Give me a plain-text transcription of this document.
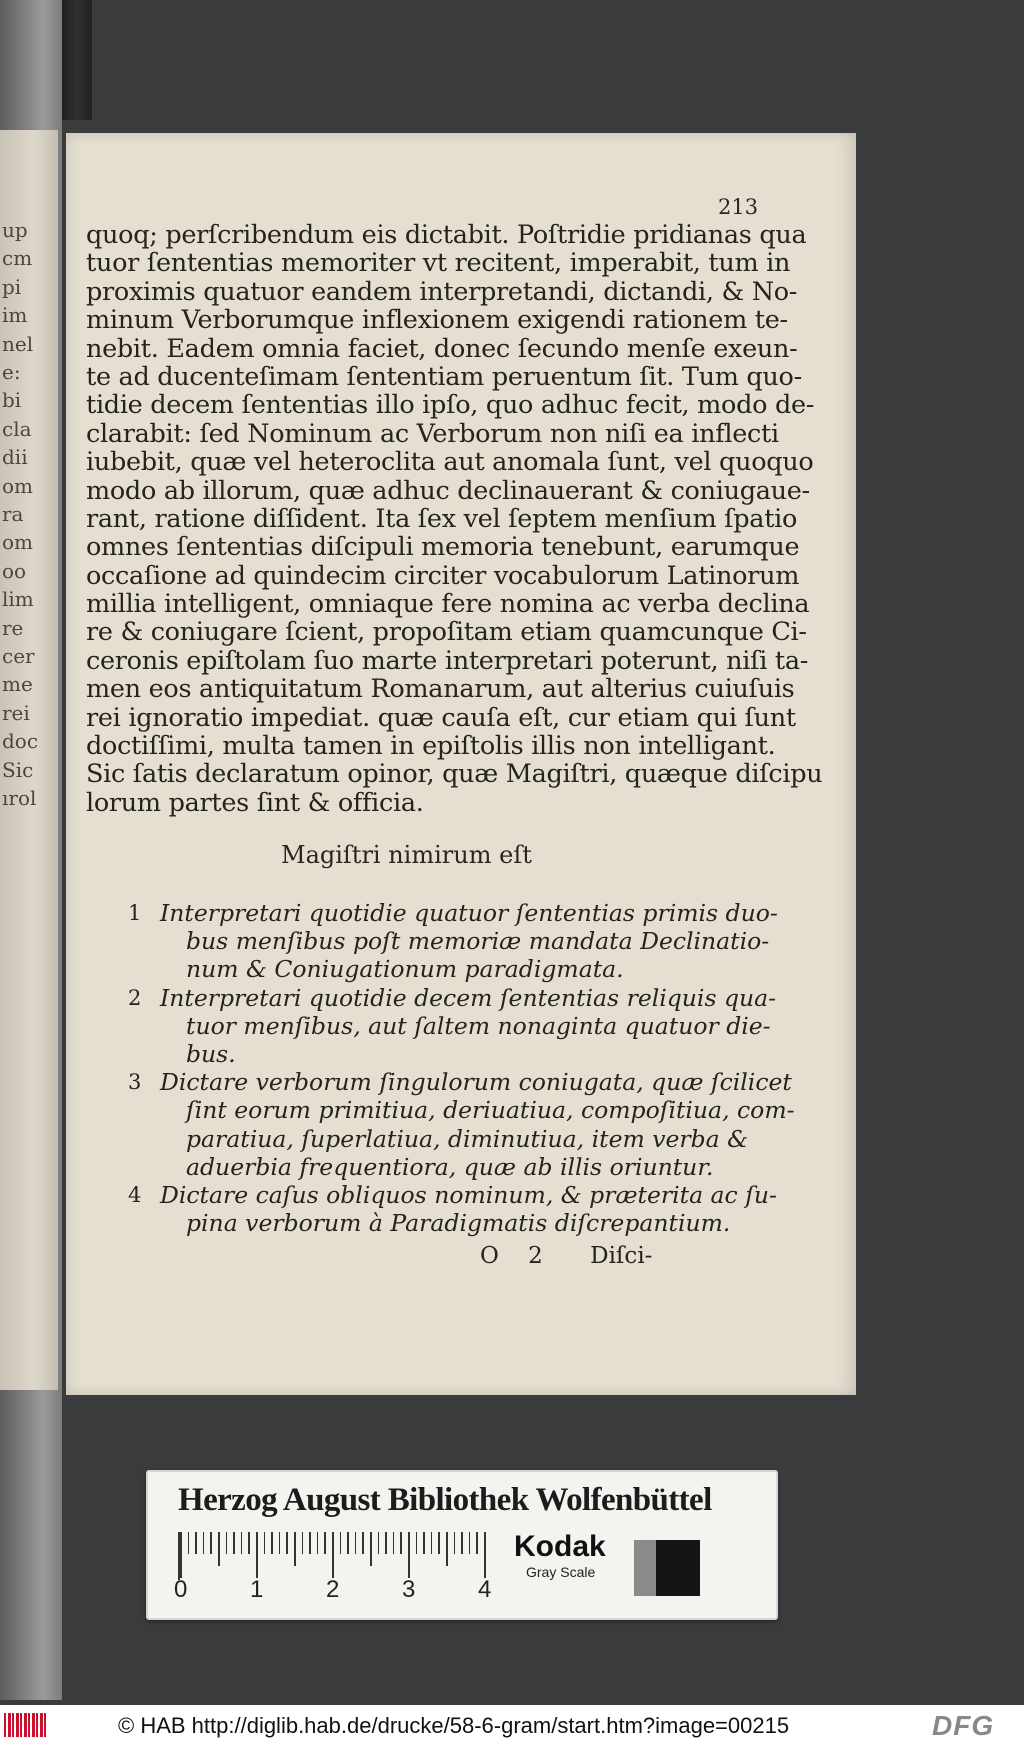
up
cm
pi
im
nel
e:
bi
cla
dii
om
ra
om
oo
lim
re
cer
me
rei
doc
Sic
ırol
213
quoq; perſcribendum eis dictabit. Poſtridie pridianas qua
tuor ſententias memoriter vt recitent, imperabit, tum in
proximis quatuor eandem interpretandi, dictandi, & No-
minum Verborumque inflexionem exigendi rationem te-
nebit. Eadem omnia faciet, donec ſecundo menſe exeun-
te ad ducenteſimam ſententiam peruentum ſit. Tum quo-
tidie decem ſententias illo ipſo, quo adhuc fecit, modo de-
clarabit: ſed Nominum ac Verborum non niſi ea inflecti
iubebit, quæ vel heteroclita aut anomala ſunt, vel quoquo
modo ab illorum, quæ adhuc declinauerant & coniugaue-
rant, ratione diſſident. Ita ſex vel ſeptem menſium ſpatio
omnes ſententias diſcipuli memoria tenebunt, earumque
occaſione ad quindecim circiter vocabulorum Latinorum
millia intelligent, omniaque fere nomina ac verba declina
re & coniugare ſcient, propoſitam etiam quamcunque Ci-
ceronis epiſtolam ſuo marte interpretari poterunt, niſi ta-
men eos antiquitatum Romanarum, aut alterius cuiuſuis
rei ignoratio impediat. quæ cauſa eſt, cur etiam qui ſunt
doctiſſimi, multa tamen in epiſtolis illis non intelligant.
Sic ſatis declaratum opinor, quæ Magiſtri, quæque diſcipu
lorum partes ſint & officia.
Magiſtri nimirum eſt
1 Interpretari quotidie quatuor ſententias primis duo-
bus menſibus poſt memoriæ mandata Declinatio-
num & Coniugationum paradigmata.
2 Interpretari quotidie decem ſententias reliquis qua-
tuor menſibus, aut ſaltem nonaginta quatuor die-
bus.
3 Dictare verborum ſingulorum coniugata, quæ ſcilicet
ſint eorum primitiua, deriuatiua, compoſitiua, com-
paratiua, ſuperlatiua, diminutiua, item verba &
aduerbia frequentiora, quæ ab illis oriuntur.
4 Dictare caſus obliquos nominum, & præterita ac ſu-
pina verborum à Paradigmatis diſcrepantium.
O 2 Diſci-
Herzog August Bibliothek Wolfenbüttel
0	1	2	3	4
Kodak
Gray Scale
© HAB http://diglib.hab.de/drucke/58-6-gram/start.htm?image=00215	DFG
